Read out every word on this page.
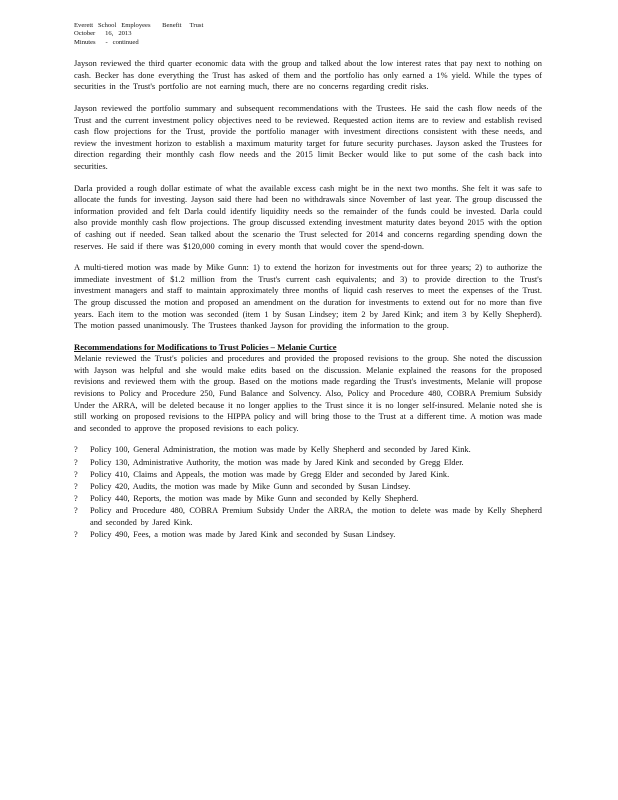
Everett   School   Employees       Benefit     Trust
October      16,   2013
Minutes      -   continued

Jayson reviewed the third quarter economic data with the group and talked about the low interest rates that pay next to nothing on cash. Becker has done everything the Trust has asked of them and the portfolio has only earned a 1% yield. While the types of securities in the Trust's portfolio are not earning much, there are no concerns regarding credit risks.

Jayson reviewed the portfolio summary and subsequent recommendations with the Trustees. He said the cash flow needs of the Trust and the current investment policy objectives need to be reviewed. Requested action items are to review and establish revised cash flow projections for the Trust, provide the portfolio manager with investment directions consistent with these needs, and review the investment horizon to establish a maximum maturity target for future security purchases. Jayson asked the Trustees for direction regarding their monthly cash flow needs and the 2015 limit Becker would like to put some of the cash back into securities.

Darla provided a rough dollar estimate of what the available excess cash might be in the next two months. She felt it was safe to allocate the funds for investing. Jayson said there had been no withdrawals since November of last year. The group discussed the information provided and felt Darla could identify liquidity needs so the remainder of the funds could be invested. Darla could also provide monthly cash flow projections. The group discussed extending investment maturity dates beyond 2015 with the option of cashing out if needed. Sean talked about the scenario the Trust selected for 2014 and concerns regarding spending down the reserves. He said if there was $120,000 coming in every month that would cover the spend-down.

A multi-tiered motion was made by Mike Gunn: 1) to extend the horizon for investments out for three years; 2) to authorize the immediate investment of $1.2 million from the Trust's current cash equivalents; and 3) to provide direction to the Trust's investment managers and staff to maintain approximately three months of liquid cash reserves to meet the expenses of the Trust. The group discussed the motion and proposed an amendment on the duration for investments to extend out for no more than five years. Each item to the motion was seconded (item 1 by Susan Lindsey; item 2 by Jared Kink; and item 3 by Kelly Shepherd). The motion passed unanimously. The Trustees thanked Jayson for providing the information to the group.

Recommendations for Modifications to Trust Policies – Melanie Curtice

Melanie reviewed the Trust's policies and procedures and provided the proposed revisions to the group. She noted the discussion with Jayson was helpful and she would make edits based on the discussion. Melanie explained the reasons for the proposed revisions and reviewed them with the group. Based on the motions made regarding the Trust's investments, Melanie will propose revisions to Policy and Procedure 250, Fund Balance and Solvency. Also, Policy and Procedure 480, COBRA Premium Subsidy Under the ARRA, will be deleted because it no longer applies to the Trust since it is no longer self-insured. Melanie noted she is still working on proposed revisions to the HIPPA policy and will bring those to the Trust at a different time. A motion was made and seconded to approve the proposed revisions to each policy.

? Policy 100, General Administration, the motion was made by Kelly Shepherd and seconded by Jared Kink.
? Policy 130, Administrative Authority, the motion was made by Jared Kink and seconded by Gregg Elder.
? Policy 410, Claims and Appeals, the motion was made by Gregg Elder and seconded by Jared Kink.
? Policy 420, Audits, the motion was made by Mike Gunn and seconded by Susan Lindsey.
? Policy 440, Reports, the motion was made by Mike Gunn and seconded by Kelly Shepherd.
? Policy and Procedure 480, COBRA Premium Subsidy Under the ARRA, the motion to delete was made by Kelly Shepherd and seconded by Jared Kink.
? Policy 490, Fees, a motion was made by Jared Kink and seconded by Susan Lindsey.
